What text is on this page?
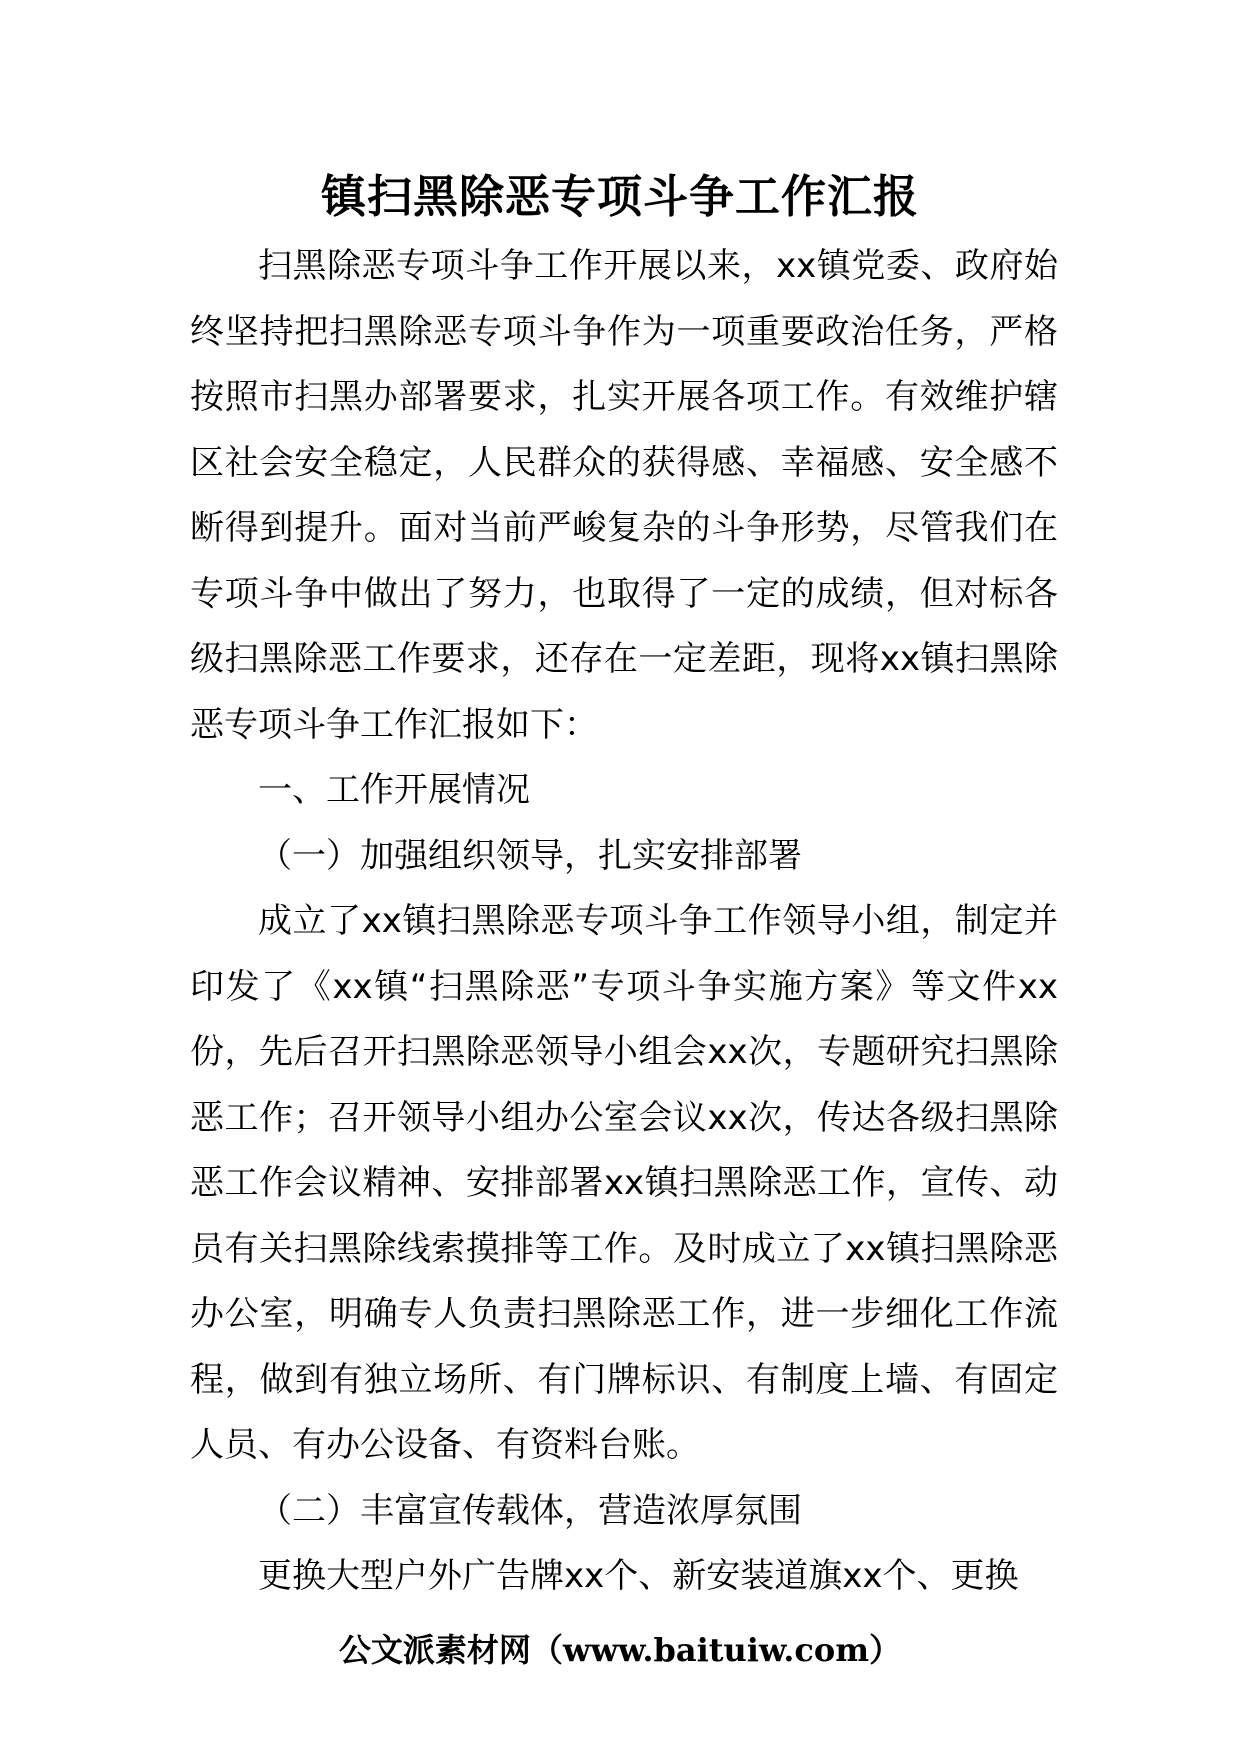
镇扫黑除恶专项斗争工作汇报

扫黑除恶专项斗争工作开展以来，xx镇党委、政府始终坚持把扫黑除恶专项斗争作为一项重要政治任务，严格按照市扫黑办部署要求，扎实开展各项工作。有效维护辖区社会安全稳定，人民群众的获得感、幸福感、安全感不断得到提升。面对当前严峻复杂的斗争形势，尽管我们在专项斗争中做出了努力，也取得了一定的成绩，但对标各级扫黑除恶工作要求，还存在一定差距，现将xx镇扫黑除恶专项斗争工作汇报如下：

一、工作开展情况

（一）加强组织领导，扎实安排部署

成立了xx镇扫黑除恶专项斗争工作领导小组，制定并印发了《xx镇“扫黑除恶”专项斗争实施方案》等文件xx份，先后召开扫黑除恶领导小组会xx次，专题研究扫黑除恶工作；召开领导小组办公室会议xx次，传达各级扫黑除恶工作会议精神、安排部署xx镇扫黑除恶工作，宣传、动员有关扫黑除线索摸排等工作。及时成立了xx镇扫黑除恶办公室，明确专人负责扫黑除恶工作，进一步细化工作流程，做到有独立场所、有门牌标识、有制度上墙、有固定人员、有办公设备、有资料台账。

（二）丰富宣传载体，营造浓厚氛围

更换大型户外广告牌xx个、新安装道旗xx个、更换

公文派素材网（www.baituiw.com）
